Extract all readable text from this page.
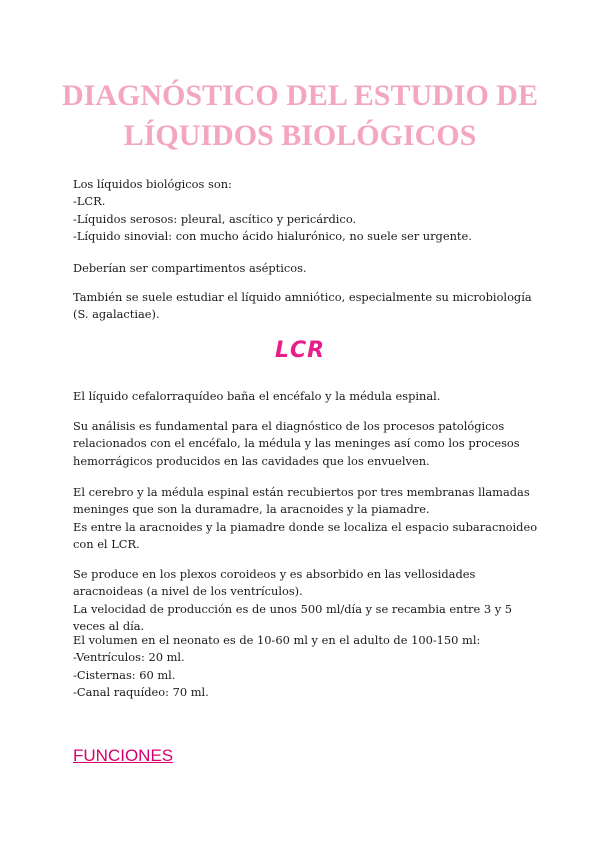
DIAGNÓSTICO DEL ESTUDIO DE LÍQUIDOS BIOLÓGICOS

Los líquidos biológicos son:

-LCR.

-Líquidos serosos: pleural, ascítico y pericárdico.

-Líquido sinovial: con mucho ácido hialurónico, no suele ser urgente.

Deberían ser compartimentos asépticos.
También se suele estudiar el líquido amniótico, especialmente su microbiología (S. agalactiae).
LCR
El líquido cefalorraquídeo baña el encéfalo y la médula espinal.
Su análisis es fundamental para el diagnóstico de los procesos patológicos relacionados con el encéfalo, la médula y las meninges así como los procesos hemorrágicos producidos en las cavidades que los envuelven.

El cerebro y la médula espinal están recubiertos por tres membranas llamadas meninges que son la duramadre, la aracnoides y la piamadre.

Es entre la aracnoides y la piamadre donde se localiza el espacio subaracnoideo con el LCR.

Se produce en los plexos coroideos y es absorbido en las vellosidades aracnoideas (a nivel de los ventrículos).

La velocidad de producción es de unos 500 ml/día y se recambia entre 3 y 5 veces al día.

El volumen en el neonato es de 10-60 ml y en el adulto de 100-150 ml:

-Ventrículos: 20 ml.

-Cisternas: 60 ml.

-Canal raquídeo: 70 ml.

FUNCIONES
